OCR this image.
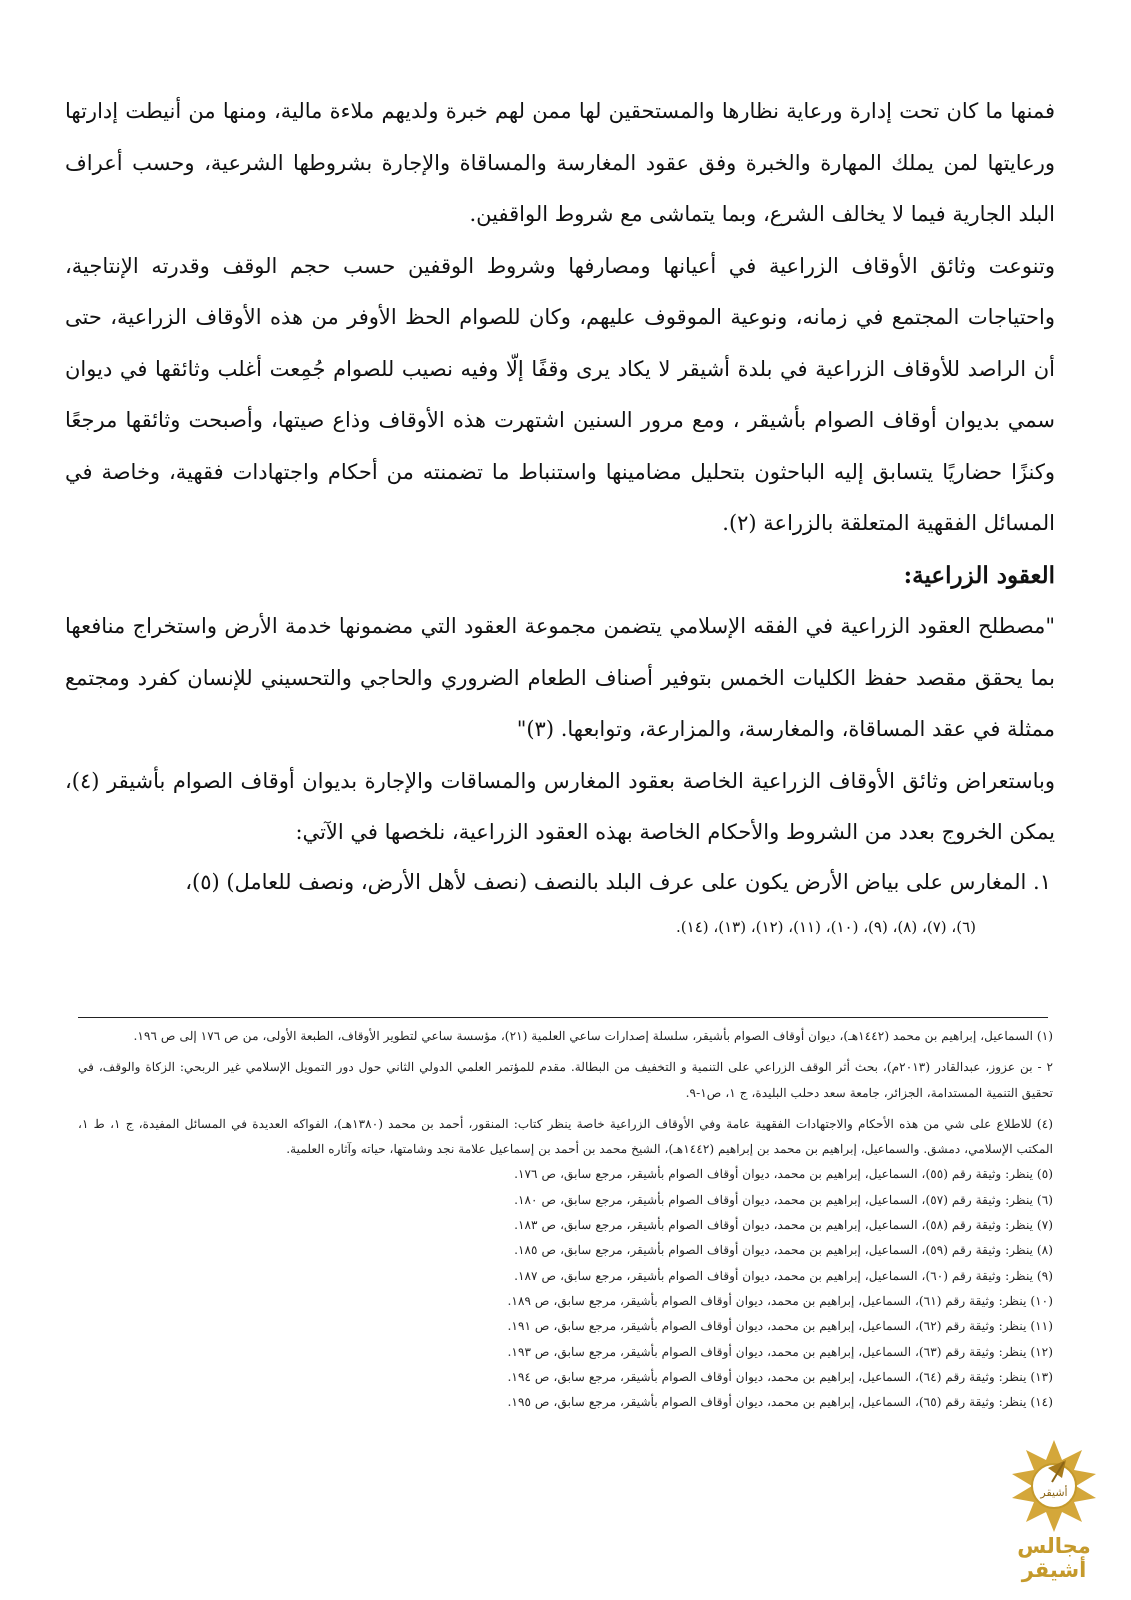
فمنها ما كان تحت إدارة ورعاية نظارها والمستحقين لها ممن لهم خبرة ولديهم ملاءة مالية، ومنها من أنيطت إدارتها ورعايتها لمن يملك المهارة والخبرة وفق عقود المغارسة والمساقاة والإجارة بشروطها الشرعية، وحسب أعراف البلد الجارية فيما لا يخالف الشرع، وبما يتماشى مع شروط الواقفين.

وتنوعت وثائق الأوقاف الزراعية في أعيانها ومصارفها وشروط الوقفين حسب حجم الوقف وقدرته الإنتاجية، واحتياجات المجتمع في زمانه، ونوعية الموقوف عليهم، وكان للصوام الحظ الأوفر من هذه الأوقاف الزراعية، حتى أن الراصد للأوقاف الزراعية في بلدة أشيقر لا يكاد يرى وقفًا إلّا وفيه نصيب للصوام جُمِعت أغلب وثائقها في ديوان سمي بديوان أوقاف الصوام بأشيقر ، ومع مرور السنين اشتهرت هذه الأوقاف وذاع صيتها، وأصبحت وثائقها مرجعًا وكنزًا حضاريًا يتسابق إليه الباحثون بتحليل مضامينها واستنباط ما تضمنته من أحكام واجتهادات فقهية، وخاصة في المسائل الفقهية المتعلقة بالزراعة (٢).

العقود الزراعية:

"مصطلح العقود الزراعية في الفقه الإسلامي يتضمن مجموعة العقود التي مضمونها خدمة الأرض واستخراج منافعها بما يحقق مقصد حفظ الكليات الخمس بتوفير أصناف الطعام الضروري والحاجي والتحسيني للإنسان كفرد ومجتمع ممثلة في عقد المساقاة، والمغارسة، والمزارعة، وتوابعها. (٣)"

وباستعراض وثائق الأوقاف الزراعية الخاصة بعقود المغارس والمساقات والإجارة بديوان أوقاف الصوام بأشيقر (٤)، يمكن الخروج بعدد من الشروط والأحكام الخاصة بهذه العقود الزراعية، نلخصها في الآتي:

١. المغارس على بياض الأرض يكون على عرف البلد بالنصف (نصف لأهل الأرض، ونصف للعامل) (٥)،

(٦)، (٧)، (٨)، (٩)، (١٠)، (١١)، (١٢)، (١٣)، (١٤).

(١) السماعيل، إبراهيم بن محمد (١٤٤٢هـ)، ديوان أوقاف الصوام بأشيقر، سلسلة إصدارات ساعي العلمية (٢١)، مؤسسة ساعي لتطوير الأوقاف، الطبعة الأولى، من ص ١٧٦ إلى ص ١٩٦.

٢ - بن عزوز، عبدالقادر (٢٠١٣م)، بحث أثر الوقف الزراعي على التنمية و التخفيف من البطالة. مقدم للمؤتمر العلمي الدولي الثاني حول دور التمويل الإسلامي غير الربحي: الزكاة والوقف، في تحقيق التنمية المستدامة، الجزائر، جامعة سعد دحلب البليدة، ج ١، ص١-٩.

(٤) للاطلاع على شي من هذه الأحكام والاجتهادات الفقهية عامة وفي الأوقاف الزراعية خاصة ينظر كتاب: المنقور، أحمد بن محمد (١٣٨٠هـ)، الفواكه العديدة في المسائل المفيدة، ج ١، ط ١، المكتب الإسلامي، دمشق. والسماعيل، إبراهيم بن محمد بن إبراهيم (١٤٤٢هـ)، الشيخ محمد بن أحمد بن إسماعيل علامة نجد وشامتها، حياته وآثاره العلمية.

(٥) ينظر: وثيقة رقم (٥٥)، السماعيل، إبراهيم بن محمد، ديوان أوقاف الصوام بأشيقر، مرجع سابق، ص ١٧٦.

(٦) ينظر: وثيقة رقم (٥٧)، السماعيل، إبراهيم بن محمد، ديوان أوقاف الصوام بأشيقر، مرجع سابق، ص ١٨٠.

(٧) ينظر: وثيقة رقم (٥٨)، السماعيل، إبراهيم بن محمد، ديوان أوقاف الصوام بأشيقر، مرجع سابق، ص ١٨٣.

(٨) ينظر: وثيقة رقم (٥٩)، السماعيل، إبراهيم بن محمد، ديوان أوقاف الصوام بأشيقر، مرجع سابق، ص ١٨٥.

(٩) ينظر: وثيقة رقم (٦٠)، السماعيل، إبراهيم بن محمد، ديوان أوقاف الصوام بأشيقر، مرجع سابق، ص ١٨٧.

(١٠) ينظر: وثيقة رقم (٦١)، السماعيل، إبراهيم بن محمد، ديوان أوقاف الصوام بأشيقر، مرجع سابق، ص ١٨٩.

(١١) ينظر: وثيقة رقم (٦٢)، السماعيل، إبراهيم بن محمد، ديوان أوقاف الصوام بأشيقر، مرجع سابق، ص ١٩١.

(١٢) ينظر: وثيقة رقم (٦٣)، السماعيل، إبراهيم بن محمد، ديوان أوقاف الصوام بأشيقر، مرجع سابق، ص ١٩٣.

(١٣) ينظر: وثيقة رقم (٦٤)، السماعيل، إبراهيم بن محمد، ديوان أوقاف الصوام بأشيقر، مرجع سابق، ص ١٩٤.

(١٤) ينظر: وثيقة رقم (٦٥)، السماعيل، إبراهيم بن محمد، ديوان أوقاف الصوام بأشيقر، مرجع سابق، ص ١٩٥.

أشيقر
مجالس أشيقر
